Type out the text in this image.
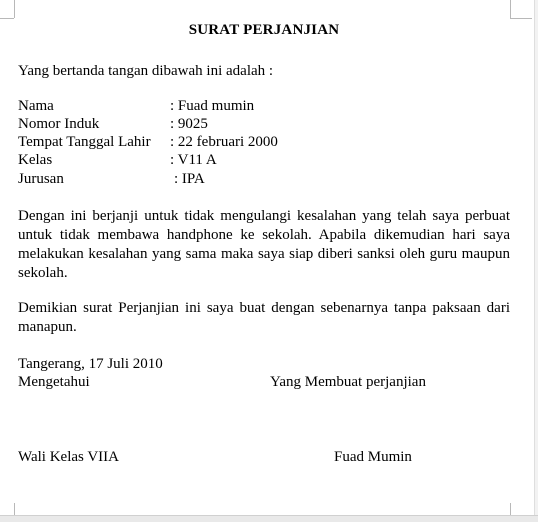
SURAT PERJANJIAN
Yang bertanda tangan dibawah ini adalah :
Nama	: Fuad mumin
Nomor Induk	: 9025
Tempat Tanggal Lahir : 22 februari 2000
Kelas	: V11 A
Jurusan	: IPA
Dengan ini berjanji untuk tidak mengulangi kesalahan yang telah saya perbuat untuk tidak membawa handphone ke sekolah. Apabila dikemudian hari saya melakukan kesalahan yang sama maka saya siap diberi sanksi oleh guru maupun sekolah.
Demikian surat Perjanjian ini saya buat dengan sebenarnya tanpa paksaan dari manapun.
Tangerang, 17 Juli 2010
Mengetahui	Yang Membuat perjanjian
Wali Kelas VIIA	Fuad Mumin
